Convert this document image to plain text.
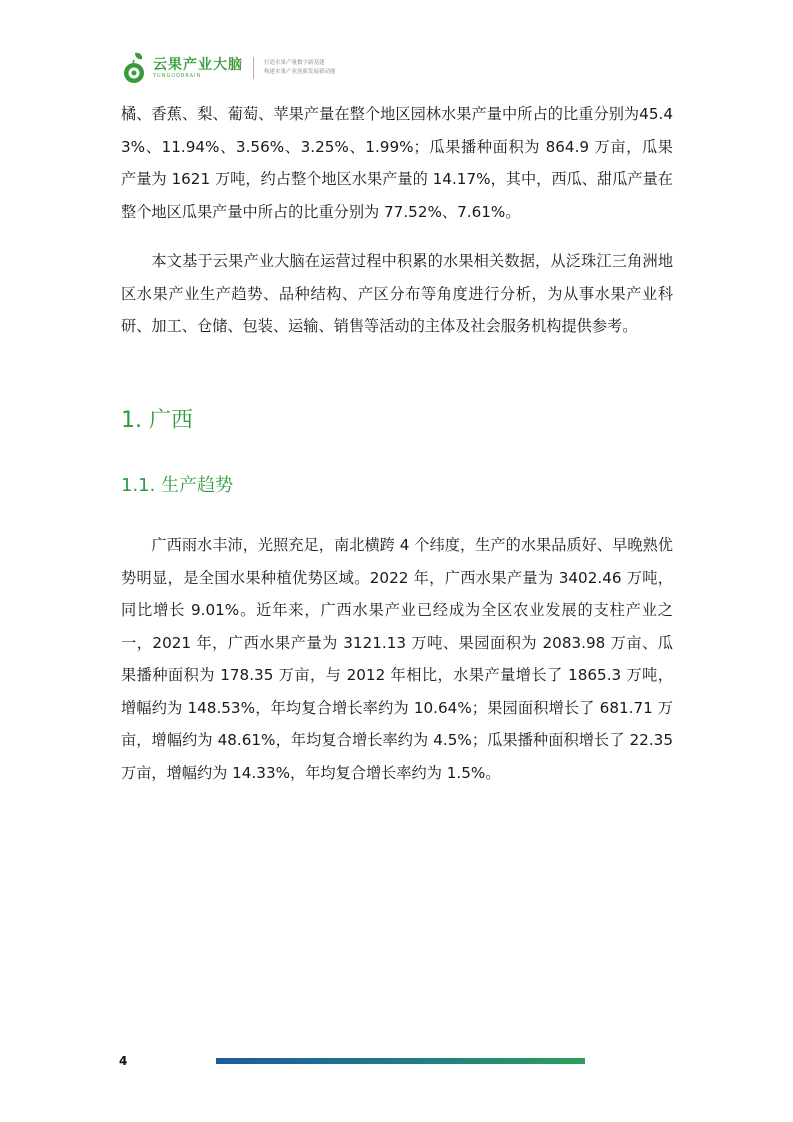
云果产业大脑
YUNGUOBRAIN
打造水果产量数字新基建
构建水果产业创新发展新动能

橘、香蕉、梨、葡萄、苹果产量在整个地区园林水果产量中所占的比重分别为45.43%、11.94%、3.56%、3.25%、1.99%；瓜果播种面积为 864.9 万亩，瓜果产量为 1621 万吨，约占整个地区水果产量的 14.17%，其中，西瓜、甜瓜产量在整个地区瓜果产量中所占的比重分别为 77.52%、7.61%。

本文基于云果产业大脑在运营过程中积累的水果相关数据，从泛珠江三角洲地区水果产业生产趋势、品种结构、产区分布等角度进行分析，为从事水果产业科研、加工、仓储、包装、运输、销售等活动的主体及社会服务机构提供参考。

1. 广西
1.1. 生产趋势

广西雨水丰沛，光照充足，南北横跨 4 个纬度，生产的水果品质好、早晚熟优势明显，是全国水果种植优势区域。2022 年，广西水果产量为 3402.46 万吨，同比增长 9.01%。近年来，广西水果产业已经成为全区农业发展的支柱产业之一，2021 年，广西水果产量为 3121.13 万吨、果园面积为 2083.98 万亩、瓜果播种面积为 178.35 万亩，与 2012 年相比，水果产量增长了 1865.3 万吨，增幅约为 148.53%，年均复合增长率约为 10.64%；果园面积增长了 681.71 万亩，增幅约为 48.61%，年均复合增长率约为 4.5%；瓜果播种面积增长了 22.35 万亩，增幅约为 14.33%，年均复合增长率约为 1.5%。

4
